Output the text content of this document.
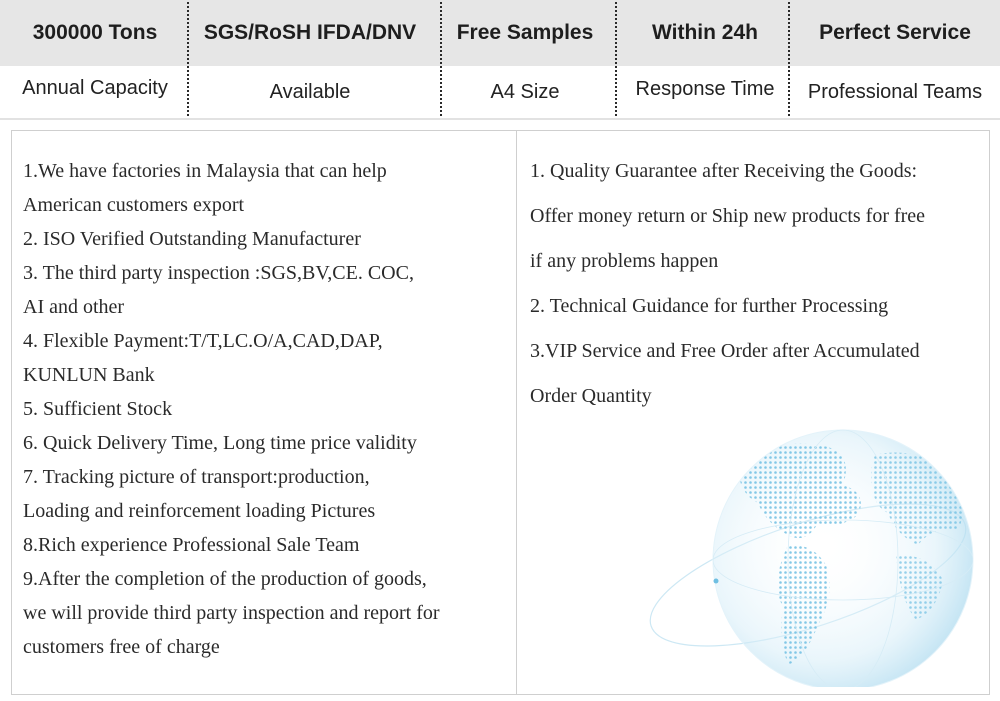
300000 Tons	SGS/RoSH IFDA/DNV	Free Samples	Within 24h	Perfect Service
Annual Capacity	Available	A4 Size	Response Time	Professional Teams
1.We have factories in Malaysia that can help
American customers export
2. ISO Verified Outstanding Manufacturer
3. The third party inspection :SGS,BV,CE. COC,
AI and other
4. Flexible Payment:T/T,LC.O/A,CAD,DAP,
KUNLUN Bank
5. Sufficient Stock
6. Quick Delivery Time, Long time price validity
7. Tracking picture of transport:production,
Loading and reinforcement loading Pictures
8.Rich experience Professional Sale Team
9.After the completion of the production of goods,
we will provide third party inspection and report for
customers free of charge
1. Quality Guarantee after Receiving the Goods:
Offer money return or Ship new products for free
if any problems happen
2. Technical Guidance for further Processing
3.VIP Service and Free Order after Accumulated
Order Quantity
